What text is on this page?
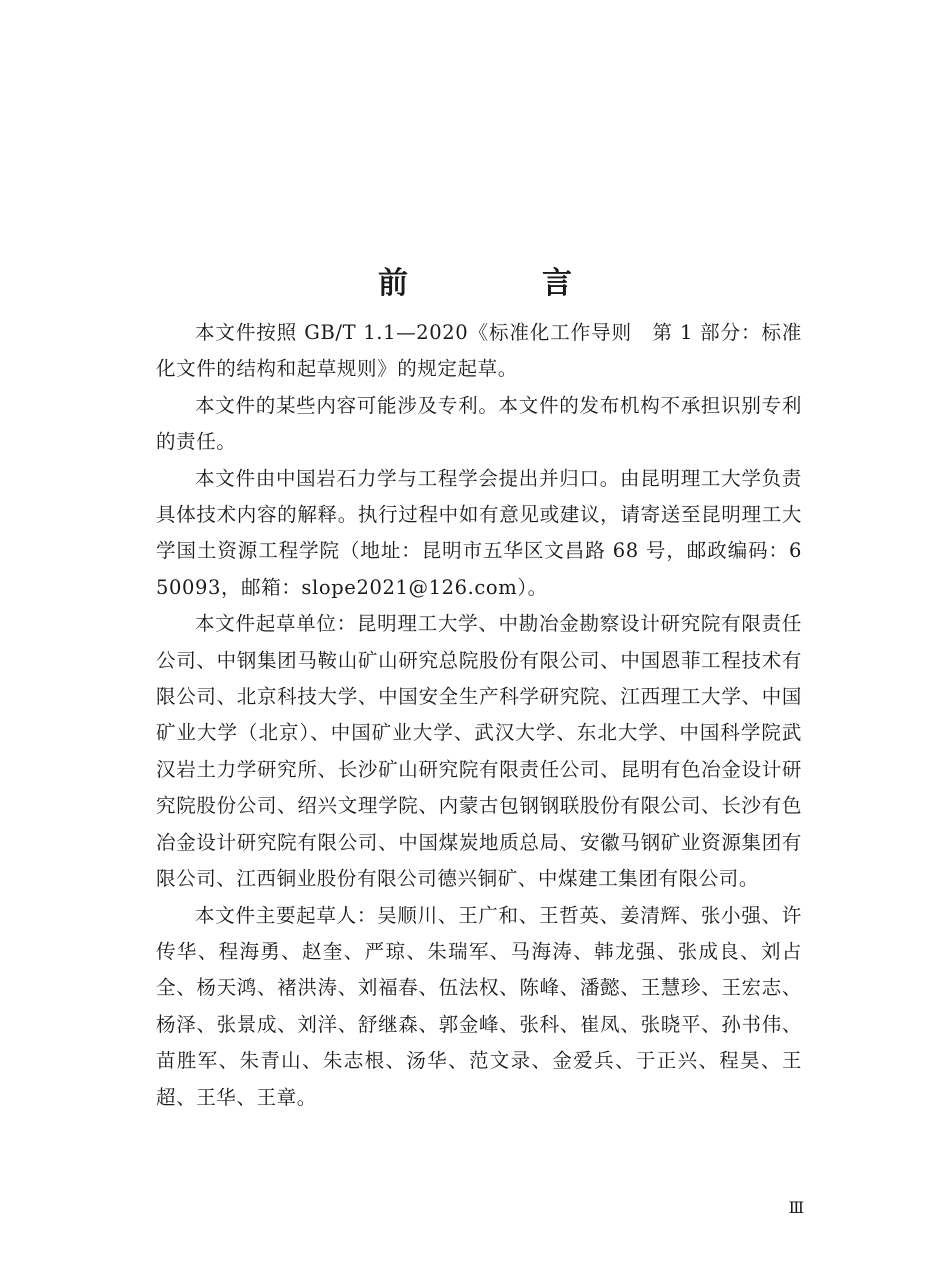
前　言

本文件按照 GB/T 1.1—2020《标准化工作导则　第 1 部分：标准化文件的结构和起草规则》的规定起草。

本文件的某些内容可能涉及专利。本文件的发布机构不承担识别专利的责任。

本文件由中国岩石力学与工程学会提出并归口。由昆明理工大学负责具体技术内容的解释。执行过程中如有意见或建议，请寄送至昆明理工大学国土资源工程学院（地址：昆明市五华区文昌路 68 号，邮政编码：650093，邮箱：slope2021@126.com）。

本文件起草单位：昆明理工大学、中勘冶金勘察设计研究院有限责任公司、中钢集团马鞍山矿山研究总院股份有限公司、中国恩菲工程技术有限公司、北京科技大学、中国安全生产科学研究院、江西理工大学、中国矿业大学（北京）、中国矿业大学、武汉大学、东北大学、中国科学院武汉岩土力学研究所、长沙矿山研究院有限责任公司、昆明有色冶金设计研究院股份公司、绍兴文理学院、内蒙古包钢钢联股份有限公司、长沙有色冶金设计研究院有限公司、中国煤炭地质总局、安徽马钢矿业资源集团有限公司、江西铜业股份有限公司德兴铜矿、中煤建工集团有限公司。

本文件主要起草人：吴顺川、王广和、王哲英、姜清辉、张小强、许传华、程海勇、赵奎、严琼、朱瑞军、马海涛、韩龙强、张成良、刘占全、杨天鸿、褚洪涛、刘福春、伍法权、陈峰、潘懿、王慧珍、王宏志、杨泽、张景成、刘洋、舒继森、郭金峰、张科、崔凤、张晓平、孙书伟、苗胜军、朱青山、朱志根、汤华、范文录、金爱兵、于正兴、程昊、王超、王华、王章。

Ⅲ
